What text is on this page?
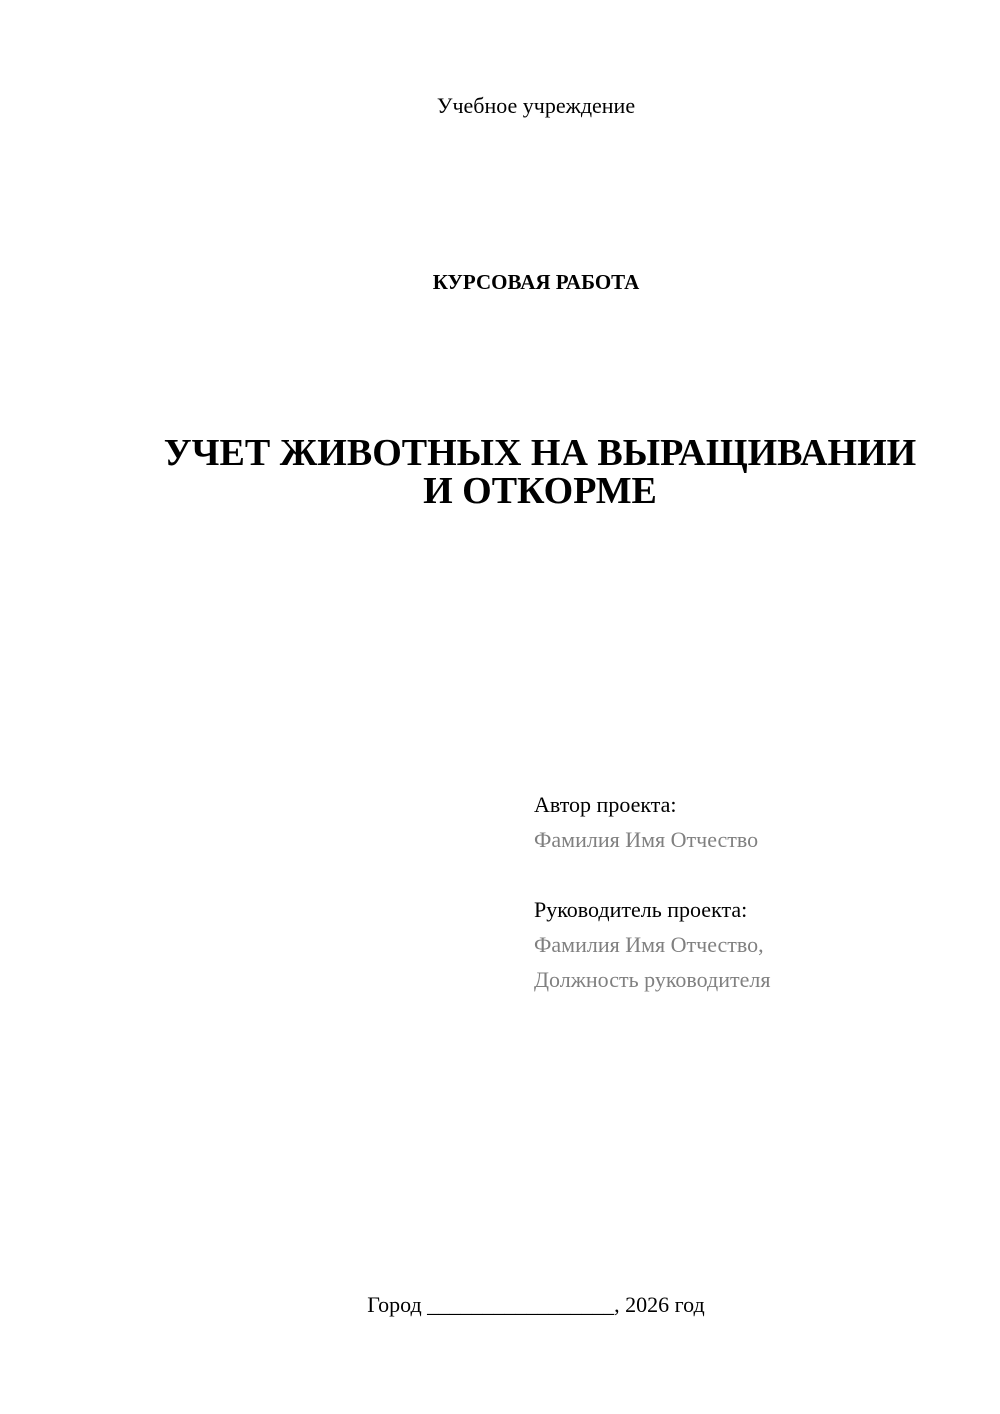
Учебное учреждение
КУРСОВАЯ РАБОТА
УЧЕТ ЖИВОТНЫХ НА ВЫРАЩИВАНИИ
И ОТКОРМЕ
Автор проекта:
Фамилия Имя Отчество
Руководитель проекта:
Фамилия Имя Отчество,
Должность руководителя
Город _________________, 2026 год
